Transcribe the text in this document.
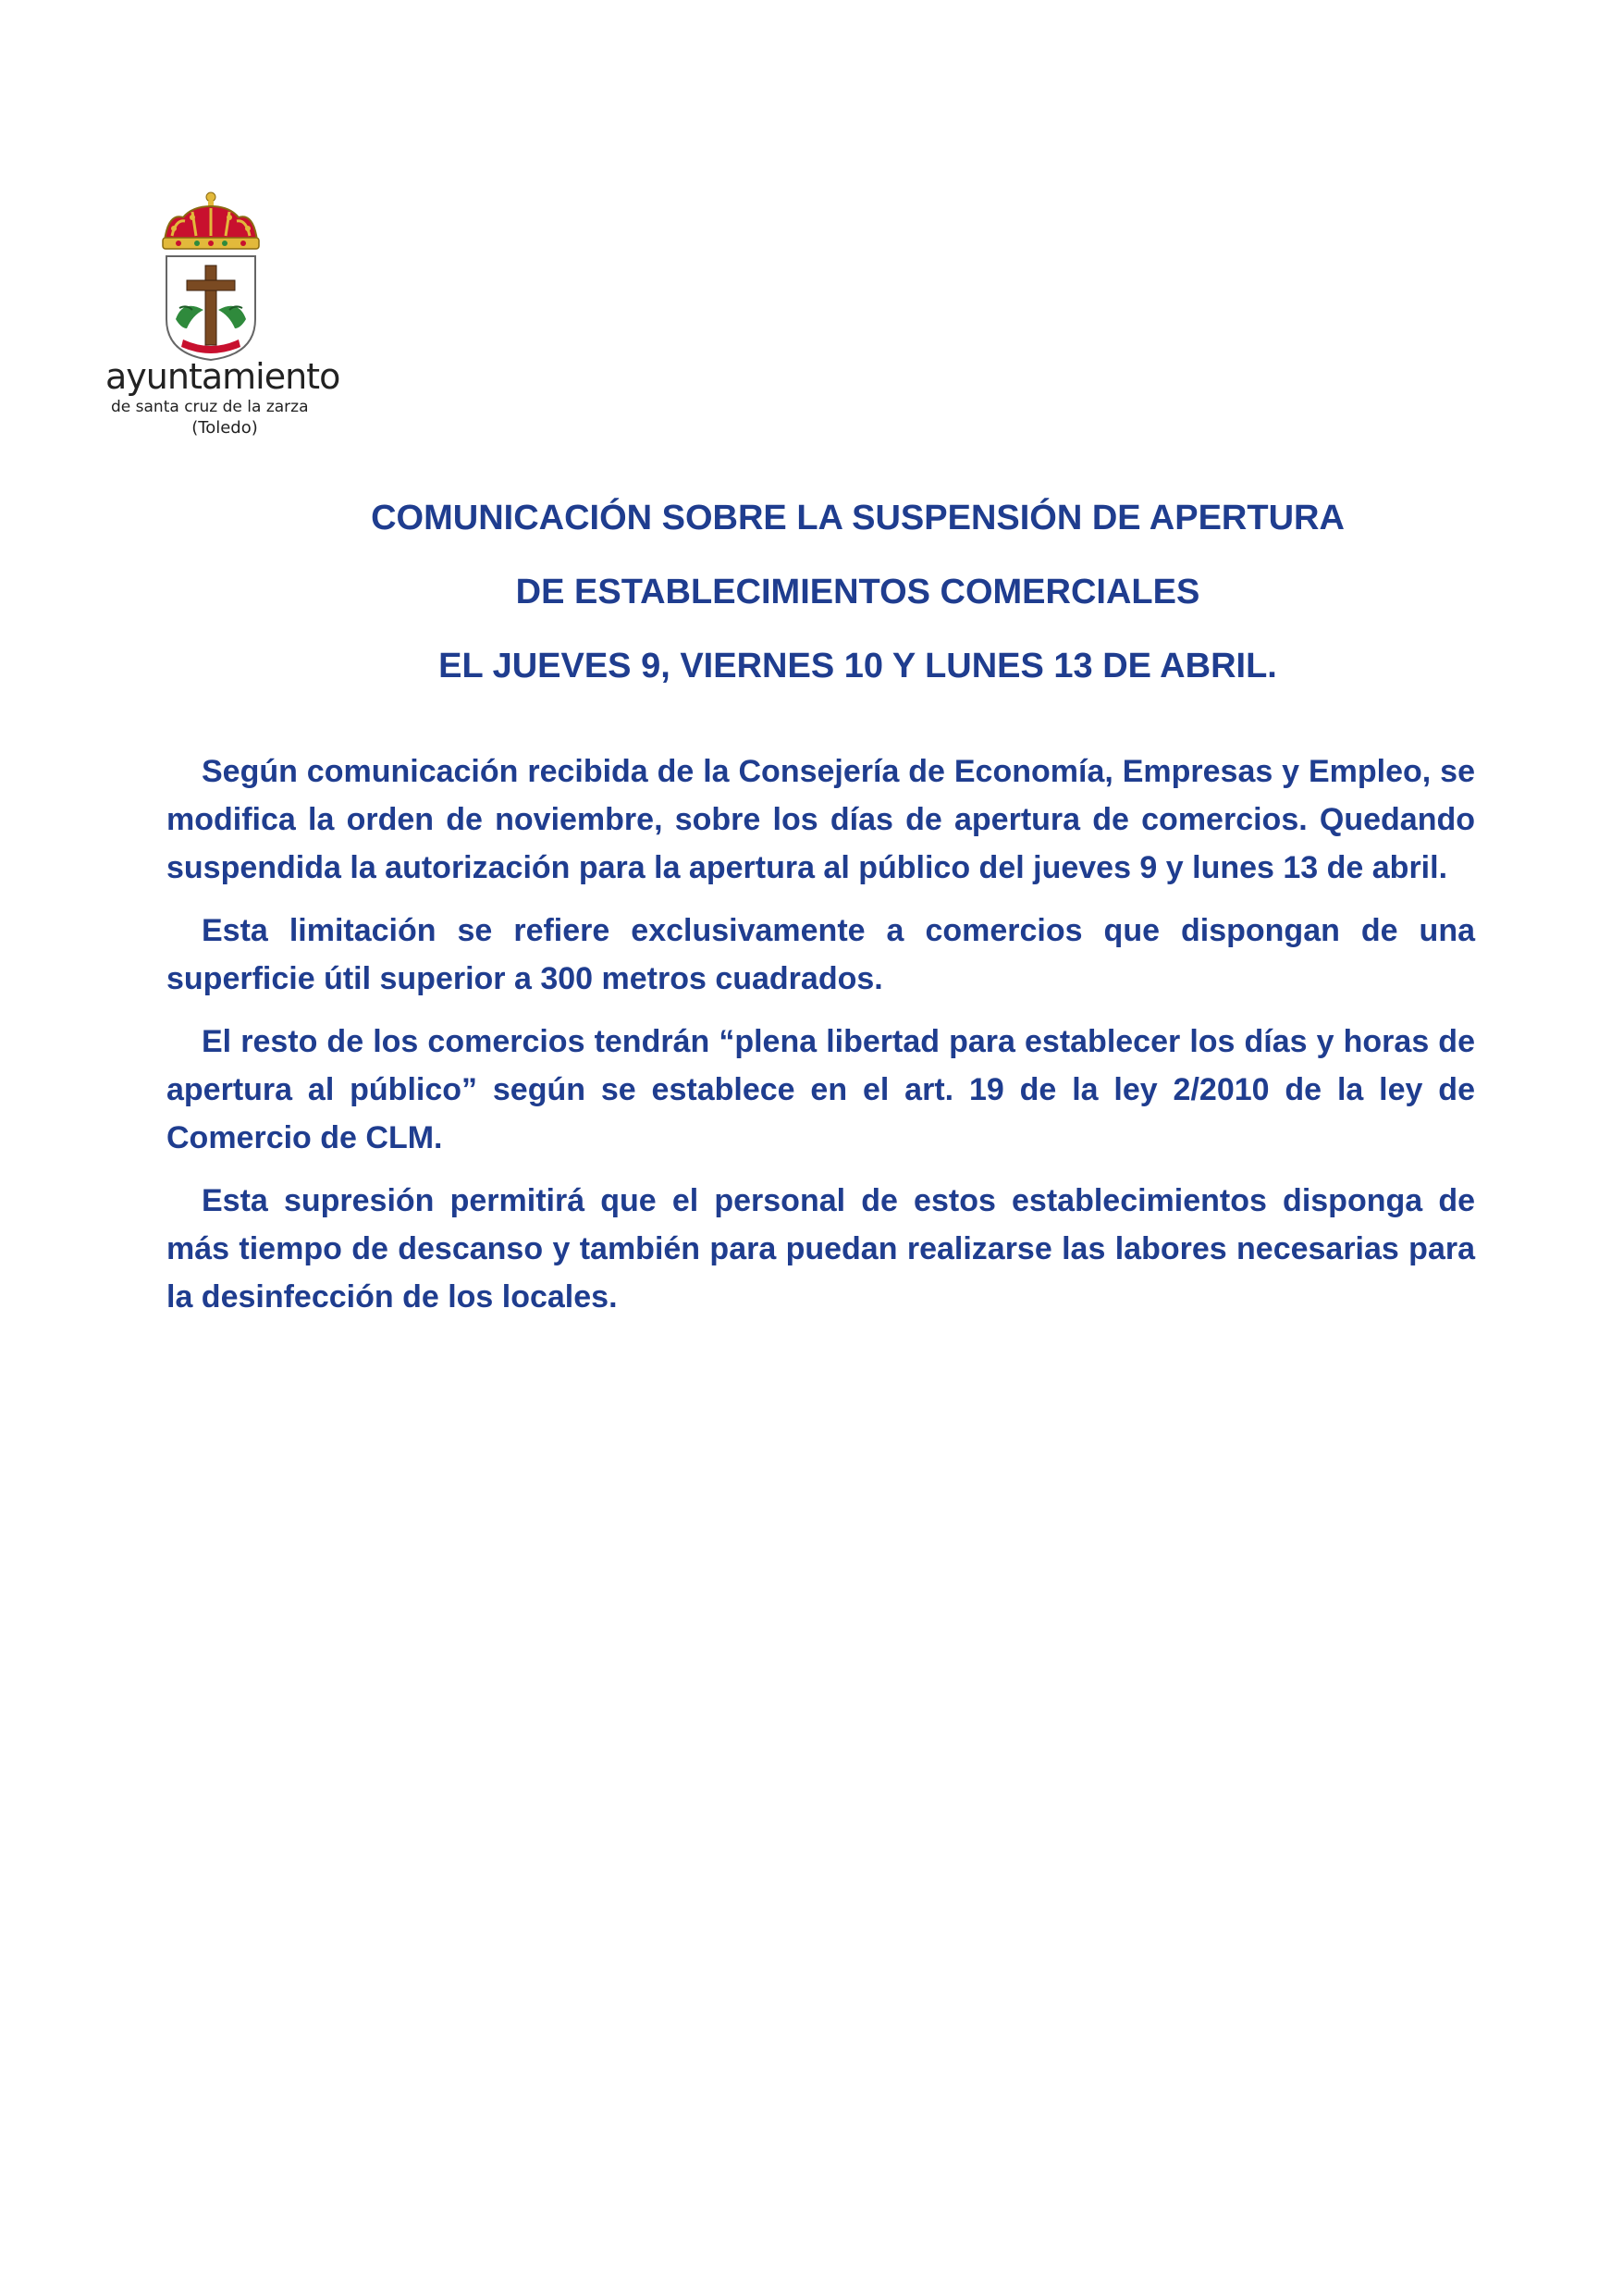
ayuntamiento
de santa cruz de la zarza
(Toledo)
COMUNICACIÓN SOBRE LA SUSPENSIÓN DE APERTURA
DE ESTABLECIMIENTOS COMERCIALES
EL JUEVES 9, VIERNES 10 Y LUNES 13 DE ABRIL.

Según comunicación recibida de la Consejería de Economía, Empresas y Empleo, se modifica la orden de noviembre, sobre los días de apertura de comercios. Quedando suspendida la autorización para la apertura al público del jueves 9 y lunes 13 de abril.

Esta limitación se refiere exclusivamente a comercios que dispongan de una superficie útil superior a 300 metros cuadrados.

El resto de los comercios tendrán “plena libertad para establecer los días y horas de apertura al público” según se establece en el art. 19 de la ley 2/2010 de la ley de Comercio de CLM.

Esta supresión permitirá que el personal de estos establecimientos disponga de más tiempo de descanso y también para puedan realizarse las labores necesarias para la desinfección de los locales.
